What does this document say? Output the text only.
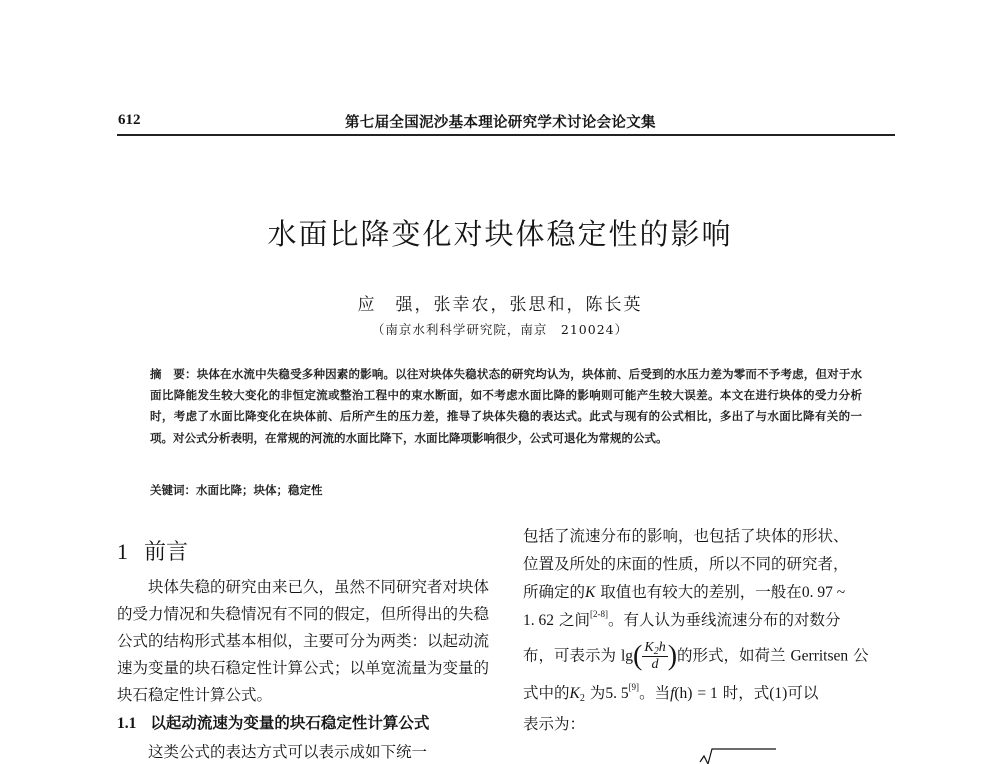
612	第七届全国泥沙基本理论研究学术讨论会论文集
水面比降变化对块体稳定性的影响
应　强，张幸农，张思和，陈长英
（南京水利科学研究院，南京　210024）
摘　要：块体在水流中失稳受多种因素的影响。以往对块体失稳状态的研究均认为，块体前、后受到的水压力差为零而不予考虑，但对于水面比降能发生较大变化的非恒定流或整治工程中的束水断面，如不考虑水面比降的影响则可能产生较大误差。本文在进行块体的受力分析时，考虑了水面比降变化在块体前、后所产生的压力差，推导了块体失稳的表达式。此式与现有的公式相比，多出了与水面比降有关的一项。对公式分析表明，在常规的河流的水面比降下，水面比降项影响很少，公式可退化为常规的公式。
关键词：水面比降；块体；稳定性
1 前言

块体失稳的研究由来已久，虽然不同研究者对块体的受力情况和失稳情况有不同的假定，但所得出的失稳公式的结构形式基本相似，主要可分为两类：以起动流速为变量的块石稳定性计算公式；以单宽流量为变量的块石稳定性计算公式。

1.1 以起动流速为变量的块石稳定性计算公式
这类公式的表达方式可以表示成如下统一
包括了流速分布的影响，也包括了块体的形状、
位置及所处的床面的性质，所以不同的研究者，
所确定的K 取值也有较大的差别，一般在0. 97 ~
1. 62 之间[2-8]。有人认为垂线流速分布的对数分
布，可表示为 $\lg( \frac{K_2h}{d}$ )的形式，如荷兰 Gerritsen 公
式中的$K_2$ 为5. 5[9]。当f(h) = 1 时，式(1)可以
表示为：
